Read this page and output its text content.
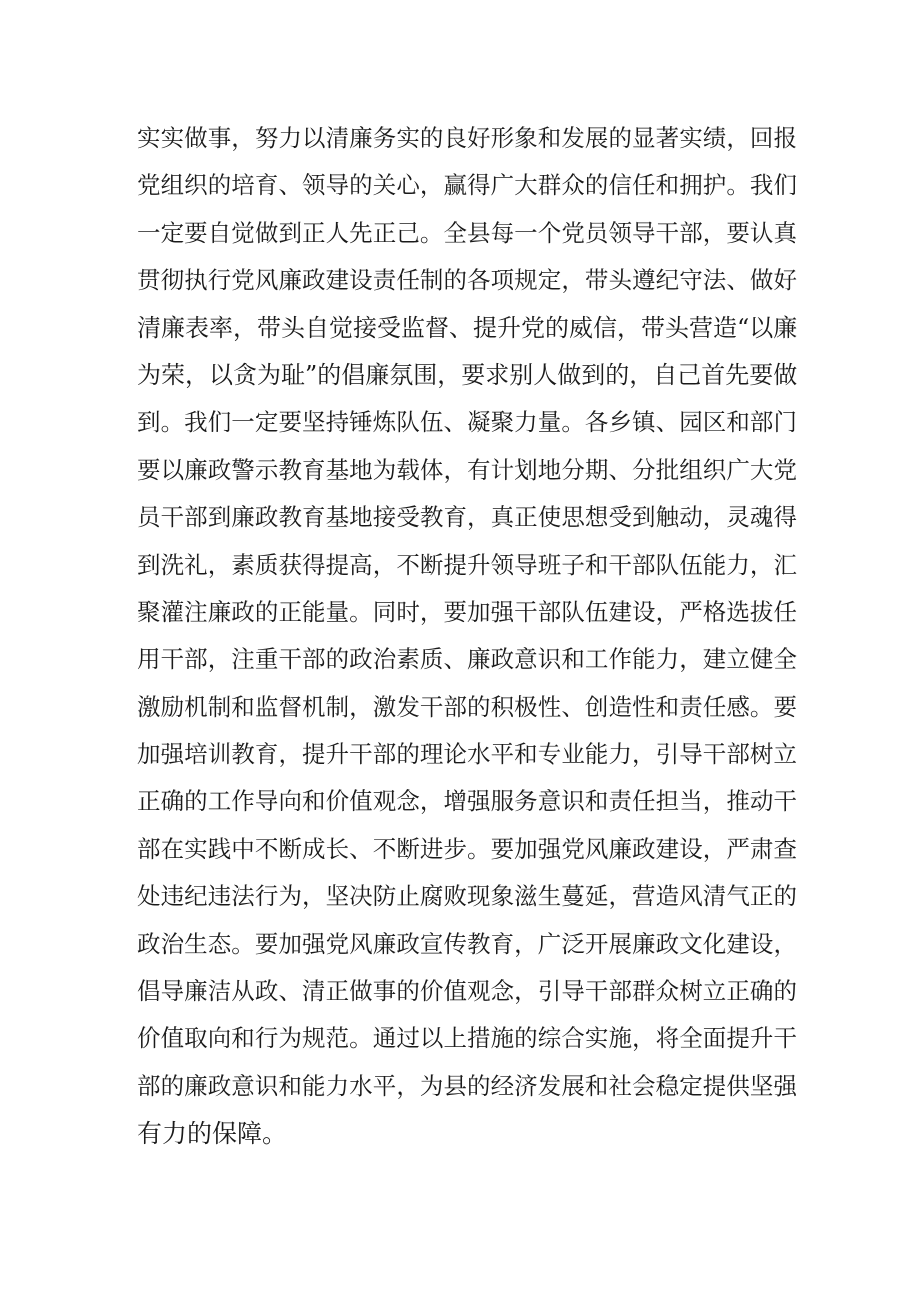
实实做事，努力以清廉务实的良好形象和发展的显著实绩，回报
党组织的培育、领导的关心，赢得广大群众的信任和拥护。我们
一定要自觉做到正人先正己。全县每一个党员领导干部，要认真
贯彻执行党风廉政建设责任制的各项规定，带头遵纪守法、做好
清廉表率，带头自觉接受监督、提升党的威信，带头营造“以廉
为荣，以贪为耻”的倡廉氛围，要求别人做到的，自己首先要做
到。我们一定要坚持锤炼队伍、凝聚力量。各乡镇、园区和部门
要以廉政警示教育基地为载体，有计划地分期、分批组织广大党
员干部到廉政教育基地接受教育，真正使思想受到触动，灵魂得
到洗礼，素质获得提高，不断提升领导班子和干部队伍能力，汇
聚灌注廉政的正能量。同时，要加强干部队伍建设，严格选拔任
用干部，注重干部的政治素质、廉政意识和工作能力，建立健全
激励机制和监督机制，激发干部的积极性、创造性和责任感。要
加强培训教育，提升干部的理论水平和专业能力，引导干部树立
正确的工作导向和价值观念，增强服务意识和责任担当，推动干
部在实践中不断成长、不断进步。要加强党风廉政建设，严肃查
处违纪违法行为，坚决防止腐败现象滋生蔓延，营造风清气正的
政治生态。要加强党风廉政宣传教育，广泛开展廉政文化建设，
倡导廉洁从政、清正做事的价值观念，引导干部群众树立正确的
价值取向和行为规范。通过以上措施的综合实施，将全面提升干
部的廉政意识和能力水平，为县的经济发展和社会稳定提供坚强
有力的保障。
